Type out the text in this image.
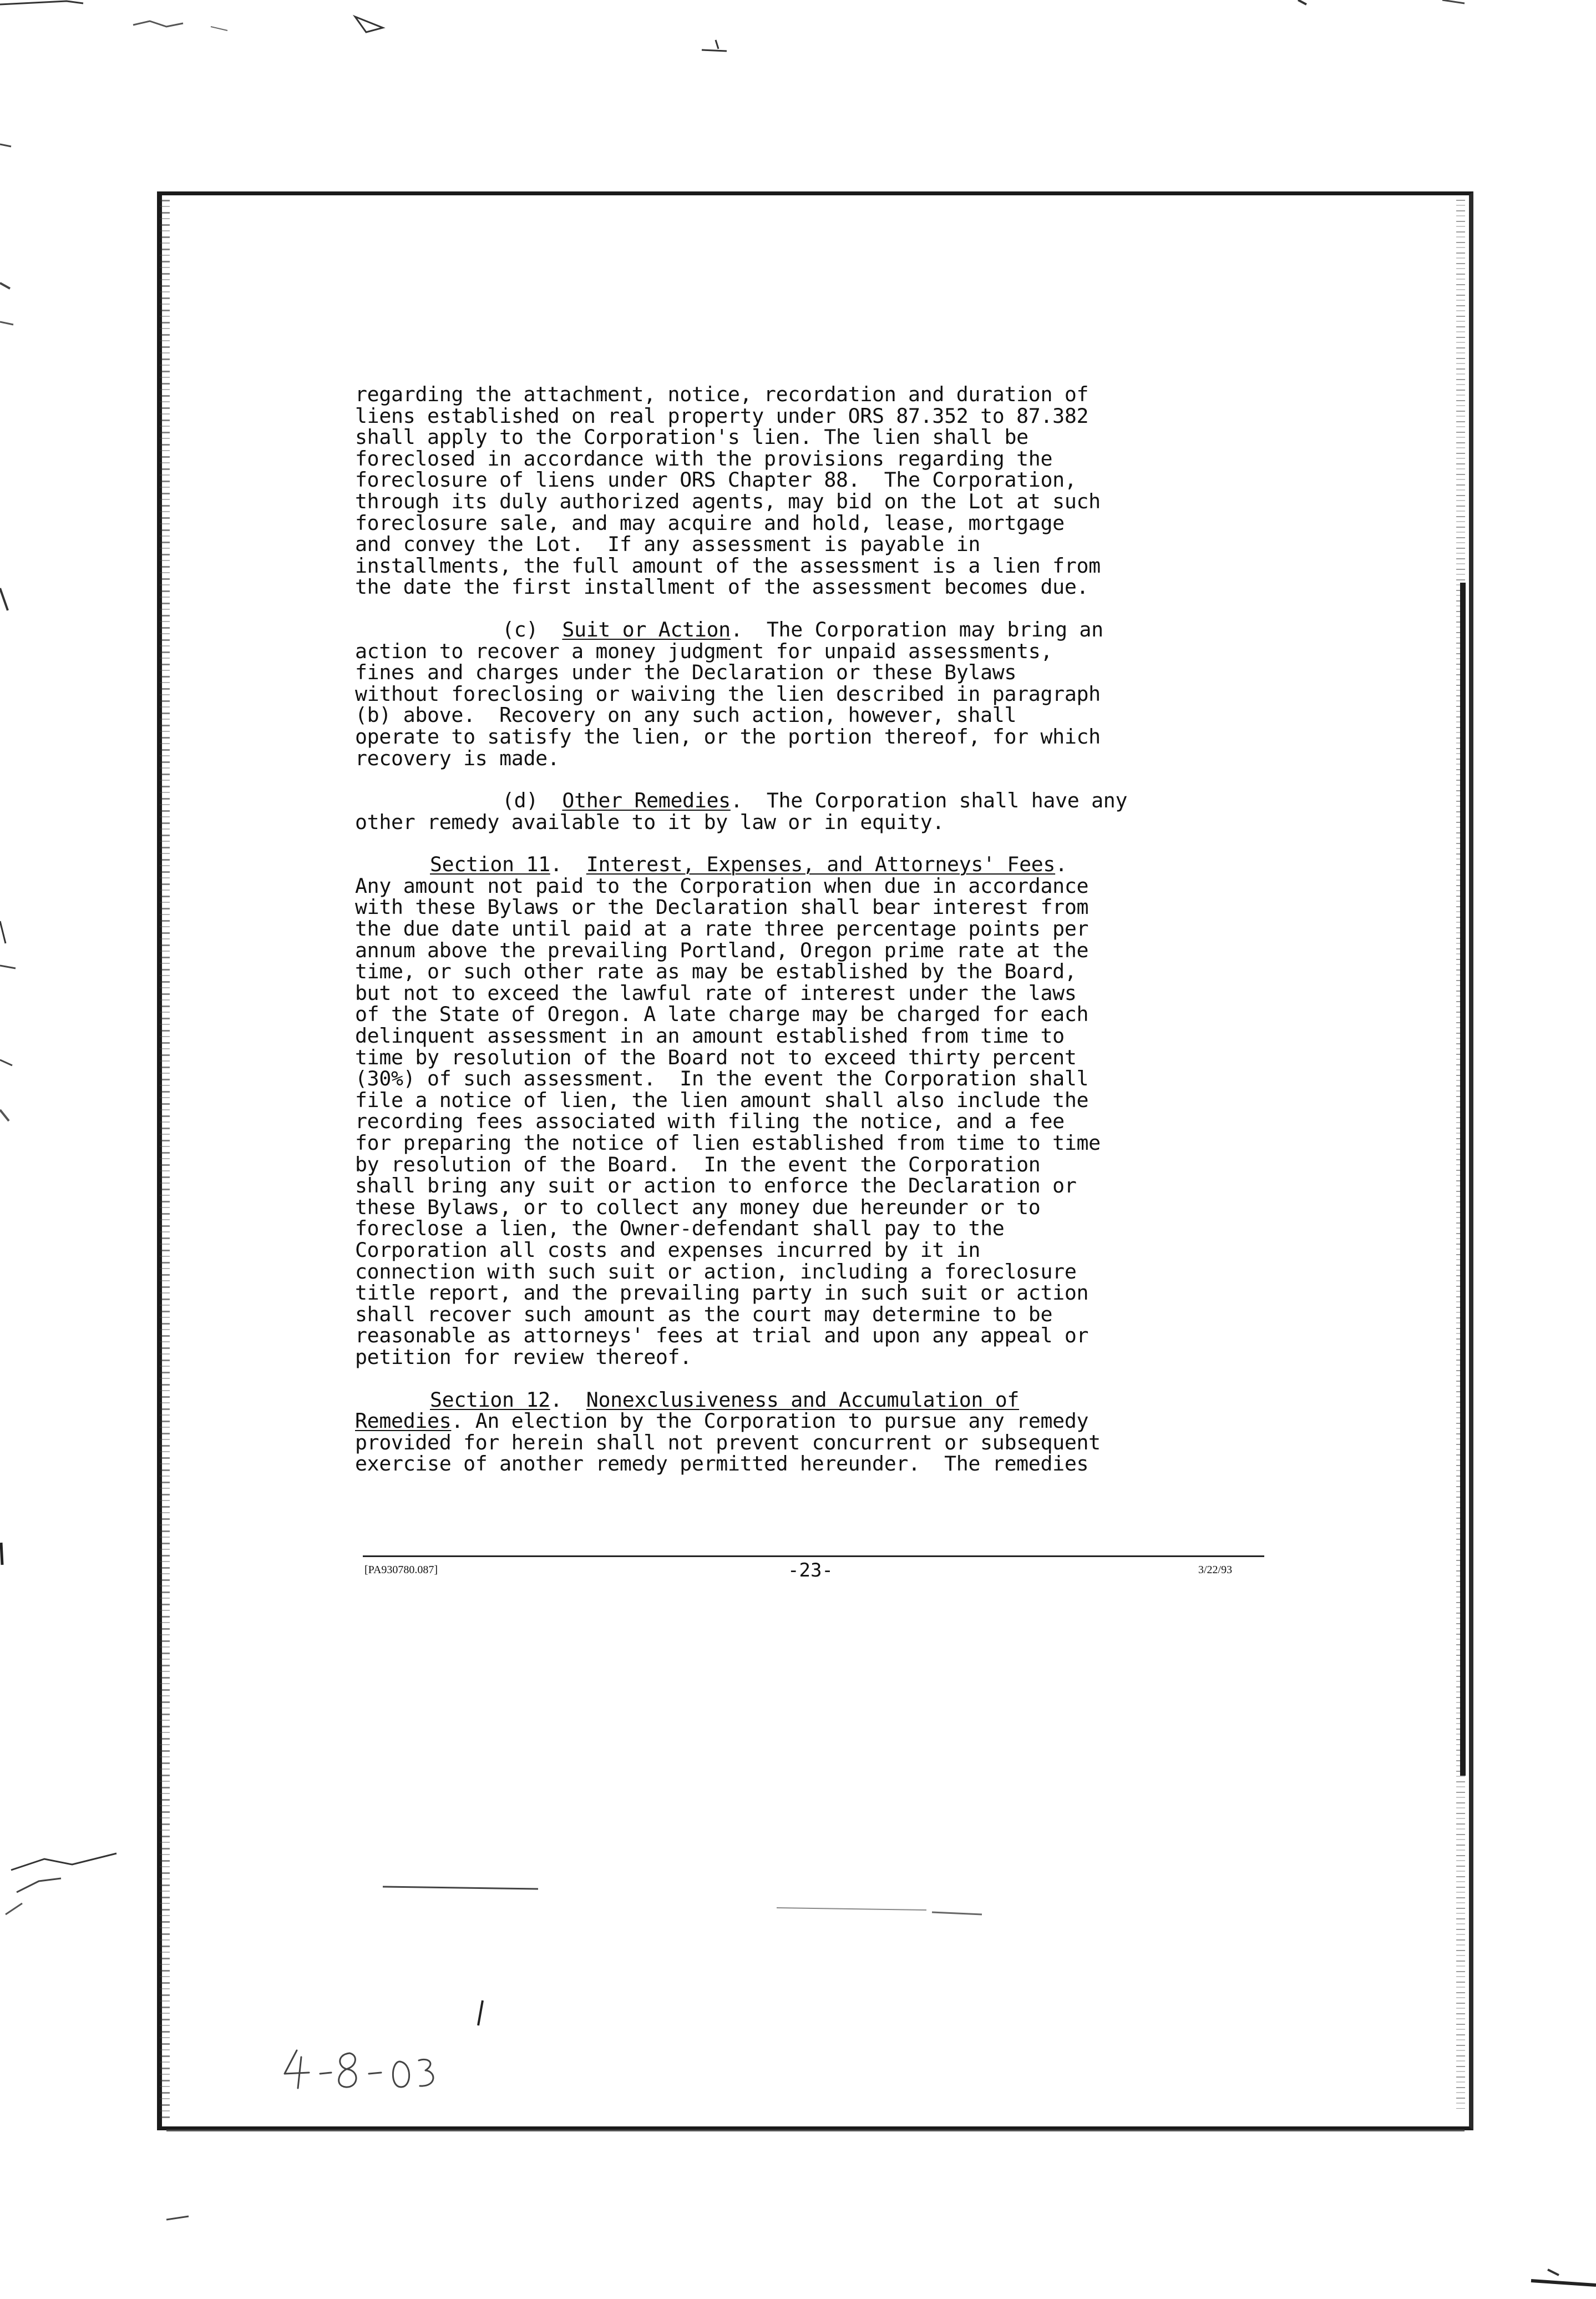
regarding the attachment, notice, recordation and duration of
liens established on real property under ORS 87.352 to 87.382
shall apply to the Corporation's lien. The lien shall be
foreclosed in accordance with the provisions regarding the
foreclosure of liens under ORS Chapter 88.  The Corporation,
through its duly authorized agents, may bid on the Lot at such
foreclosure sale, and may acquire and hold, lease, mortgage
and convey the Lot.  If any assessment is payable in
installments, the full amount of the assessment is a lien from
the date the first installment of the assessment becomes due.

(c) Suit or Action.  The Corporation may bring an
action to recover a money judgment for unpaid assessments,
fines and charges under the Declaration or these Bylaws
without foreclosing or waiving the lien described in paragraph
(b) above.  Recovery on any such action, however, shall
operate to satisfy the lien, or the portion thereof, for which
recovery is made.

(d) Other Remedies.  The Corporation shall have any
other remedy available to it by law or in equity.

Section 11.  Interest, Expenses, and Attorneys' Fees.
Any amount not paid to the Corporation when due in accordance
with these Bylaws or the Declaration shall bear interest from
the due date until paid at a rate three percentage points per
annum above the prevailing Portland, Oregon prime rate at the
time, or such other rate as may be established by the Board,
but not to exceed the lawful rate of interest under the laws
of the State of Oregon. A late charge may be charged for each
delinquent assessment in an amount established from time to
time by resolution of the Board not to exceed thirty percent
(30%) of such assessment.  In the event the Corporation shall
file a notice of lien, the lien amount shall also include the
recording fees associated with filing the notice, and a fee
for preparing the notice of lien established from time to time
by resolution of the Board.  In the event the Corporation
shall bring any suit or action to enforce the Declaration or
these Bylaws, or to collect any money due hereunder or to
foreclose a lien, the Owner-defendant shall pay to the
Corporation all costs and expenses incurred by it in
connection with such suit or action, including a foreclosure
title report, and the prevailing party in such suit or action
shall recover such amount as the court may determine to be
reasonable as attorneys' fees at trial and upon any appeal or
petition for review thereof.

Section 12.  Nonexclusiveness and Accumulation of
Remedies. An election by the Corporation to pursue any remedy
provided for herein shall not prevent concurrent or subsequent
exercise of another remedy permitted hereunder.  The remedies

[PA930780.087]	-23-	3/22/93
